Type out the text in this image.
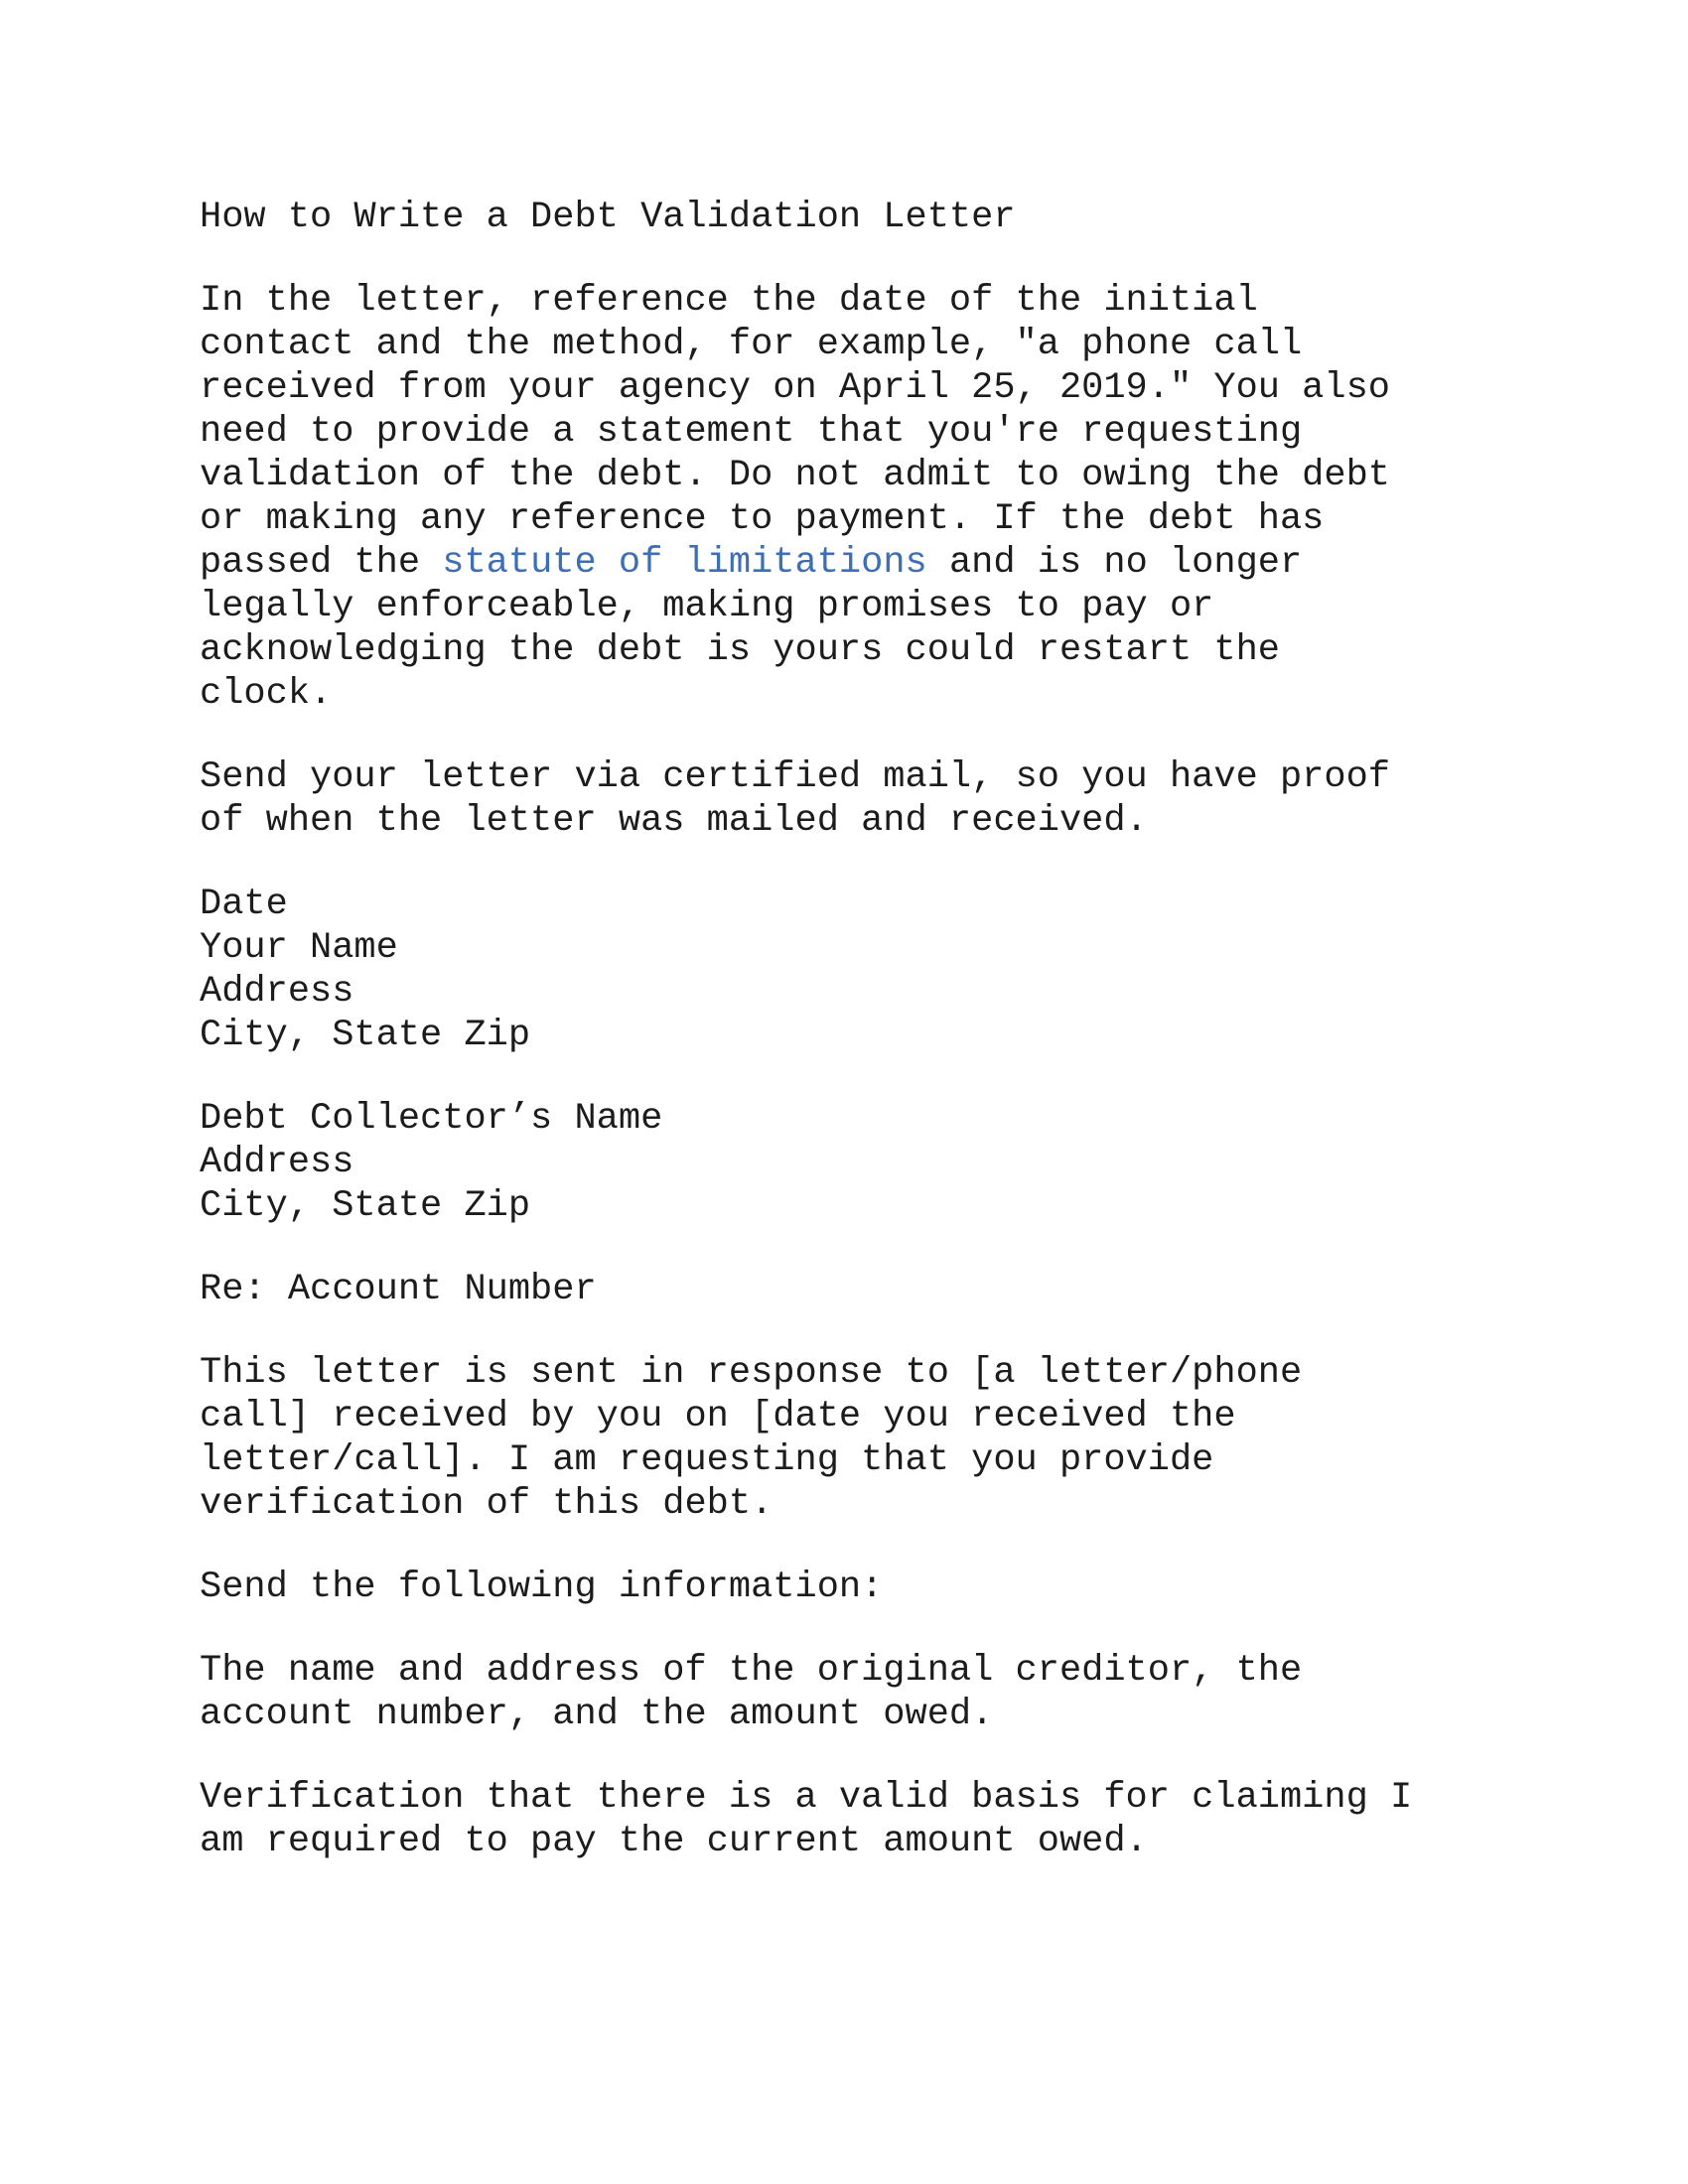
How to Write a Debt Validation Letter
In the letter, reference the date of the initial
contact and the method, for example, "a phone call
received from your agency on April 25, 2019." You also
need to provide a statement that you're requesting
validation of the debt. Do not admit to owing the debt
or making any reference to payment. If the debt has
passed the statute of limitations and is no longer
legally enforceable, making promises to pay or
acknowledging the debt is yours could restart the
clock.
Send your letter via certified mail, so you have proof
of when the letter was mailed and received.
Date
Your Name
Address
City, State Zip
Debt Collector’s Name
Address
City, State Zip
Re: Account Number
This letter is sent in response to [a letter/phone
call] received by you on [date you received the
letter/call]. I am requesting that you provide
verification of this debt.
Send the following information:
The name and address of the original creditor, the
account number, and the amount owed.
Verification that there is a valid basis for claiming I
am required to pay the current amount owed.
